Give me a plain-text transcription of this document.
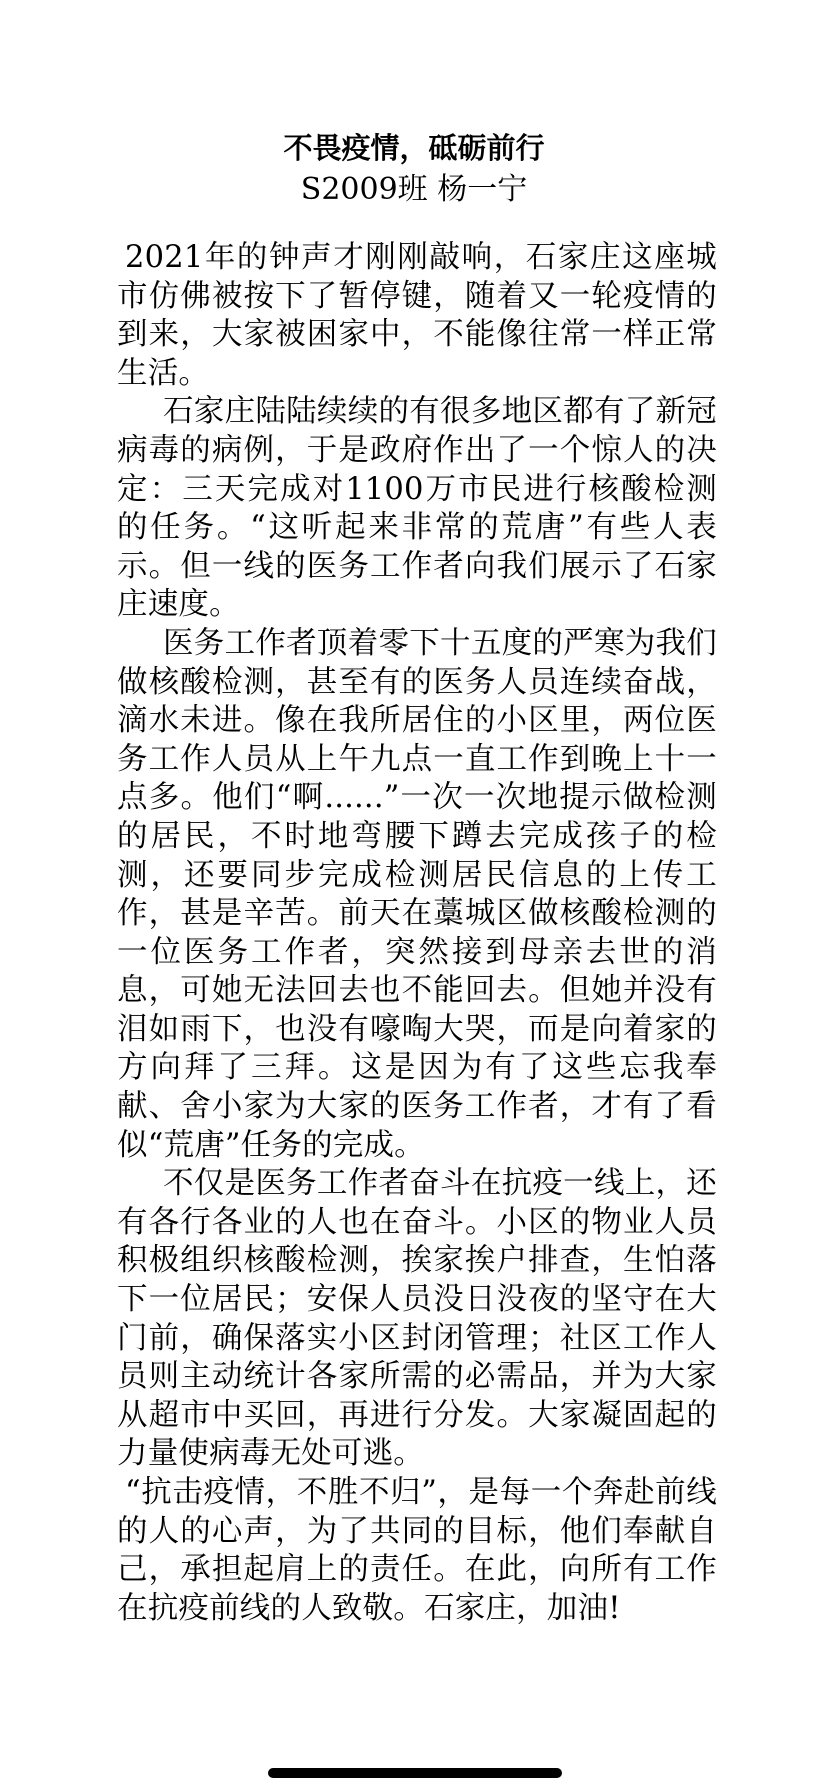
不畏疫情，砥砺前行
S2009班 杨一宁

2021年的钟声才刚刚敲响，石家庄这座城市仿佛被按下了暂停键，随着又一轮疫情的到来，大家被困家中，不能像往常一样正常生活。

石家庄陆陆续续的有很多地区都有了新冠病毒的病例，于是政府作出了一个惊人的决定：三天完成对1100万市民进行核酸检测的任务。“这听起来非常的荒唐”有些人表示。但一线的医务工作者向我们展示了石家庄速度。

医务工作者顶着零下十五度的严寒为我们做核酸检测，甚至有的医务人员连续奋战，滴水未进。像在我所居住的小区里，两位医务工作人员从上午九点一直工作到晚上十一点多。他们“啊......”一次一次地提示做检测的居民，不时地弯腰下蹲去完成孩子的检测，还要同步完成检测居民信息的上传工作，甚是辛苦。前天在藁城区做核酸检测的一位医务工作者，突然接到母亲去世的消息，可她无法回去也不能回去。但她并没有泪如雨下，也没有嚎啕大哭，而是向着家的方向拜了三拜。这是因为有了这些忘我奉献、舍小家为大家的医务工作者，才有了看似“荒唐”任务的完成。

不仅是医务工作者奋斗在抗疫一线上，还有各行各业的人也在奋斗。小区的物业人员积极组织核酸检测，挨家挨户排查，生怕落下一位居民；安保人员没日没夜的坚守在大门前，确保落实小区封闭管理；社区工作人员则主动统计各家所需的必需品，并为大家从超市中买回，再进行分发。大家凝固起的力量使病毒无处可逃。

“抗击疫情，不胜不归”，是每一个奔赴前线的人的心声，为了共同的目标，他们奉献自己，承担起肩上的责任。在此，向所有工作在抗疫前线的人致敬。石家庄，加油!
